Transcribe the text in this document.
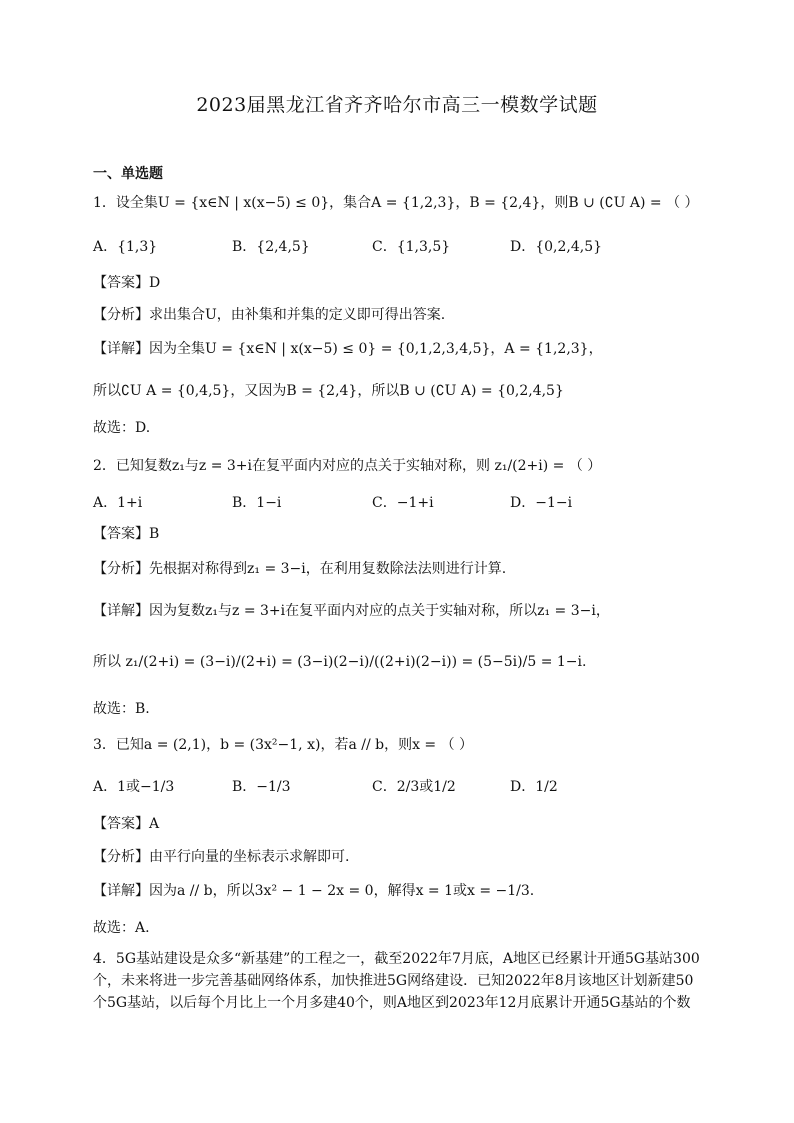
2023届黑龙江省齐齐哈尔市高三一模数学试题
一、单选题
1．设全集U = {x∈N | x(x−5) ≤ 0}，集合A = {1,2,3}，B = {2,4}，则B ∪ (∁U A) = （ ）
A．{1,3}	B．{2,4,5}	C．{1,3,5}	D．{0,2,4,5}
【答案】D
【分析】求出集合U，由补集和并集的定义即可得出答案.
【详解】因为全集U = {x∈N | x(x−5) ≤ 0} = {0,1,2,3,4,5}，A = {1,2,3}，
所以∁U A = {0,4,5}，又因为B = {2,4}，所以B ∪ (∁U A) = {0,2,4,5}
故选：D.
2．已知复数z₁与z = 3+i在复平面内对应的点关于实轴对称，则 z₁/(2+i) = （ ）
A．1+i	B．1−i	C．−1+i	D．−1−i
【答案】B
【分析】先根据对称得到z₁ = 3−i，在利用复数除法法则进行计算.
【详解】因为复数z₁与z = 3+i在复平面内对应的点关于实轴对称，所以z₁ = 3−i，
所以 z₁/(2+i) = (3−i)/(2+i) = (3−i)(2−i)/((2+i)(2−i)) = (5−5i)/5 = 1−i.
故选：B.
3．已知a = (2,1)，b = (3x²−1, x)，若a // b，则x = （ ）
A．1或−1/3	B．−1/3	C．2/3或1/2	D．1/2
【答案】A
【分析】由平行向量的坐标表示求解即可.
【详解】因为a // b，所以3x² − 1 − 2x = 0，解得x = 1或x = −1/3.
故选：A.
4．5G基站建设是众多“新基建”的工程之一，截至2022年7月底，A地区已经累计开通5G基站300个，未来将进一步完善基础网络体系，加快推进5G网络建设．已知2022年8月该地区计划新建50个5G基站，以后每个月比上一个月多建40个，则A地区到2023年12月底累计开通5G基站的个数
